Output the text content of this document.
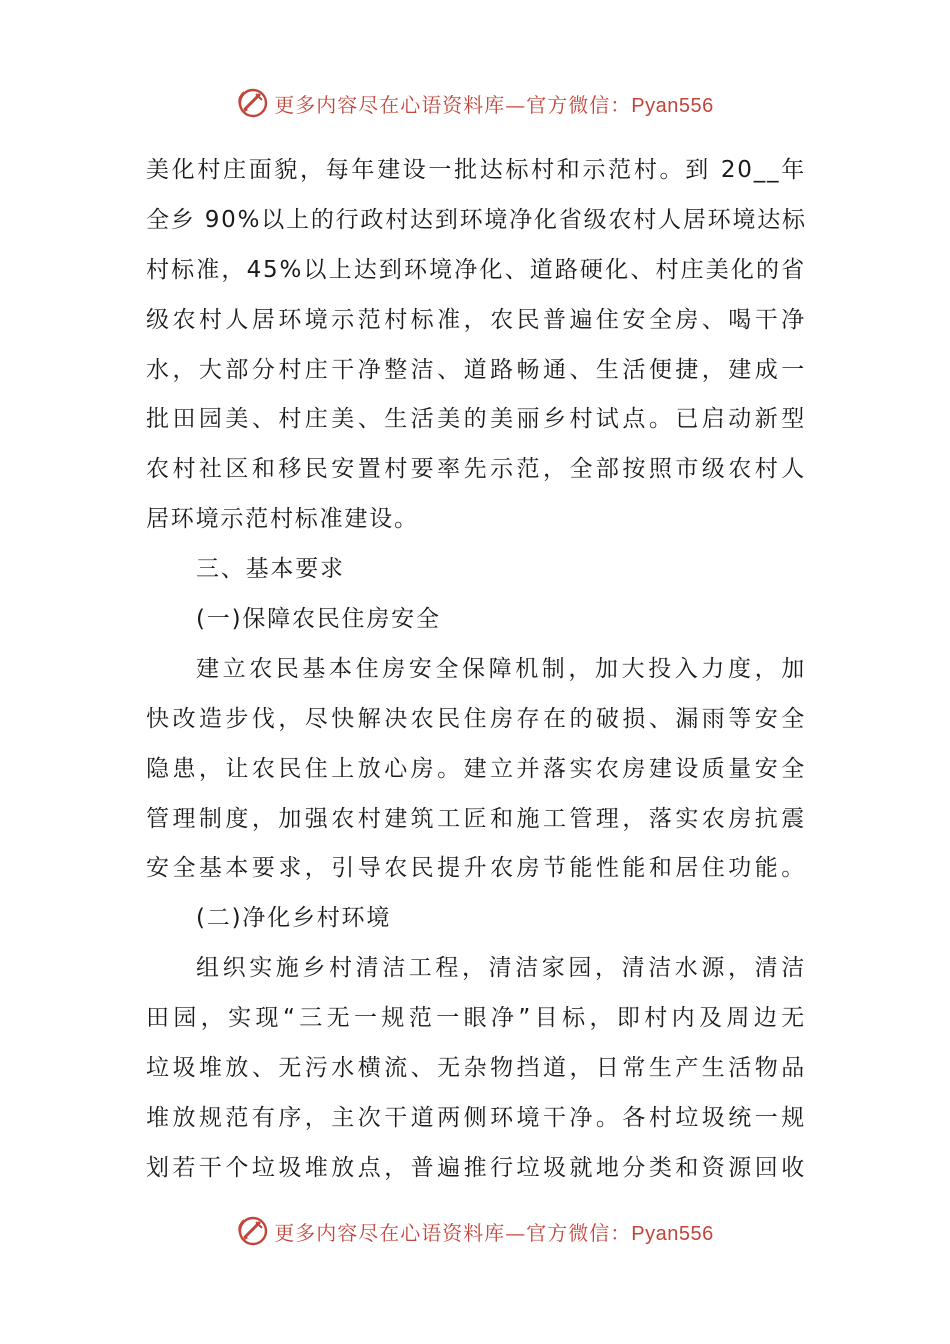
更多内容尽在心语资料库—官方微信：Pyan556
美化村庄面貌，每年建设一批达标村和示范村。到 20__年
全乡 90%以上的行政村达到环境净化省级农村人居环境达标
村标准，45%以上达到环境净化、道路硬化、村庄美化的省
级农村人居环境示范村标准，农民普遍住安全房、喝干净
水，大部分村庄干净整洁、道路畅通、生活便捷，建成一
批田园美、村庄美、生活美的美丽乡村试点。已启动新型
农村社区和移民安置村要率先示范，全部按照市级农村人
居环境示范村标准建设。
三、基本要求
(一)保障农民住房安全
建立农民基本住房安全保障机制，加大投入力度，加
快改造步伐，尽快解决农民住房存在的破损、漏雨等安全
隐患，让农民住上放心房。建立并落实农房建设质量安全
管理制度，加强农村建筑工匠和施工管理，落实农房抗震
安全基本要求，引导农民提升农房节能性能和居住功能。
(二)净化乡村环境
组织实施乡村清洁工程，清洁家园，清洁水源，清洁
田园，实现“三无一规范一眼净”目标，即村内及周边无
垃圾堆放、无污水横流、无杂物挡道，日常生产生活物品
堆放规范有序，主次干道两侧环境干净。各村垃圾统一规
划若干个垃圾堆放点，普遍推行垃圾就地分类和资源回收
更多内容尽在心语资料库—官方微信：Pyan556
